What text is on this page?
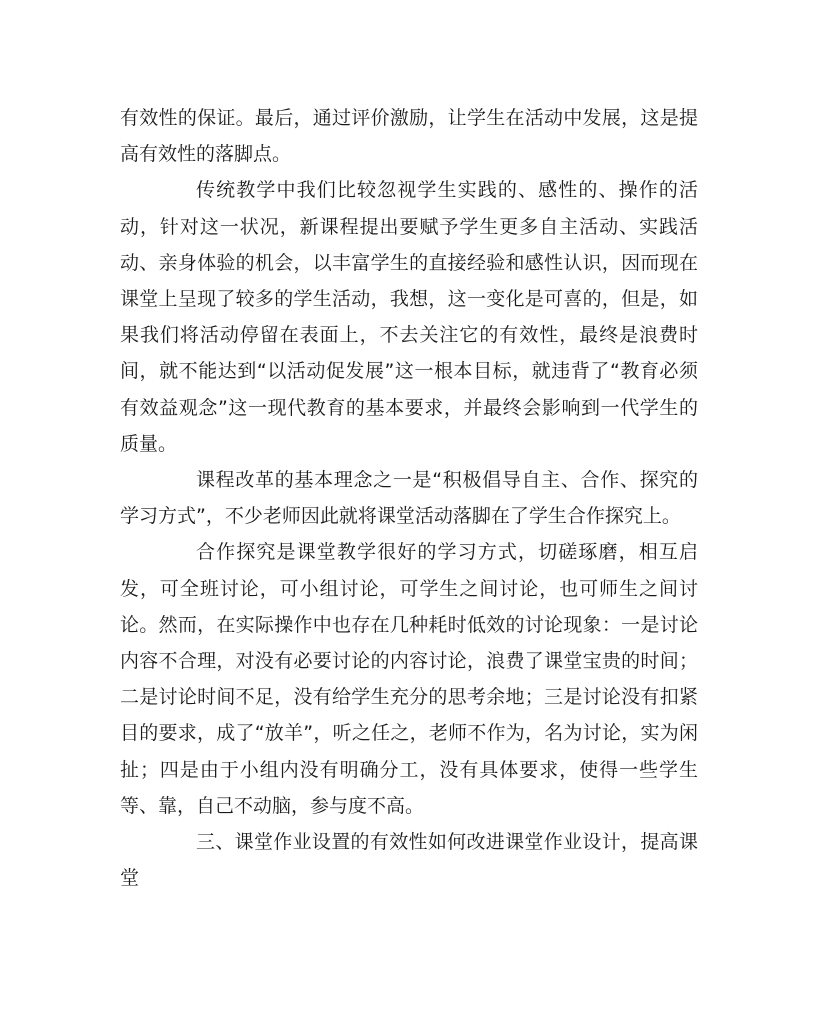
有效性的保证。最后，通过评价激励，让学生在活动中发展，这是提高有效性的落脚点。

传统教学中我们比较忽视学生实践的、感性的、操作的活动，针对这一状况，新课程提出要赋予学生更多自主活动、实践活动、亲身体验的机会，以丰富学生的直接经验和感性认识，因而现在课堂上呈现了较多的学生活动，我想，这一变化是可喜的，但是，如果我们将活动停留在表面上，不去关注它的有效性，最终是浪费时间，就不能达到“以活动促发展”这一根本目标，就违背了“教育必须有效益观念”这一现代教育的基本要求，并最终会影响到一代学生的质量。

课程改革的基本理念之一是“积极倡导自主、合作、探究的学习方式”，不少老师因此就将课堂活动落脚在了学生合作探究上。

合作探究是课堂教学很好的学习方式，切磋琢磨，相互启发，可全班讨论，可小组讨论，可学生之间讨论，也可师生之间讨论。然而，在实际操作中也存在几种耗时低效的讨论现象：一是讨论内容不合理，对没有必要讨论的内容讨论，浪费了课堂宝贵的时间；二是讨论时间不足，没有给学生充分的思考余地；三是讨论没有扣紧目的要求，成了“放羊”，听之任之，老师不作为，名为讨论，实为闲扯；四是由于小组内没有明确分工，没有具体要求，使得一些学生等、靠，自己不动脑，参与度不高。

三、课堂作业设置的有效性如何改进课堂作业设计，提高课堂
